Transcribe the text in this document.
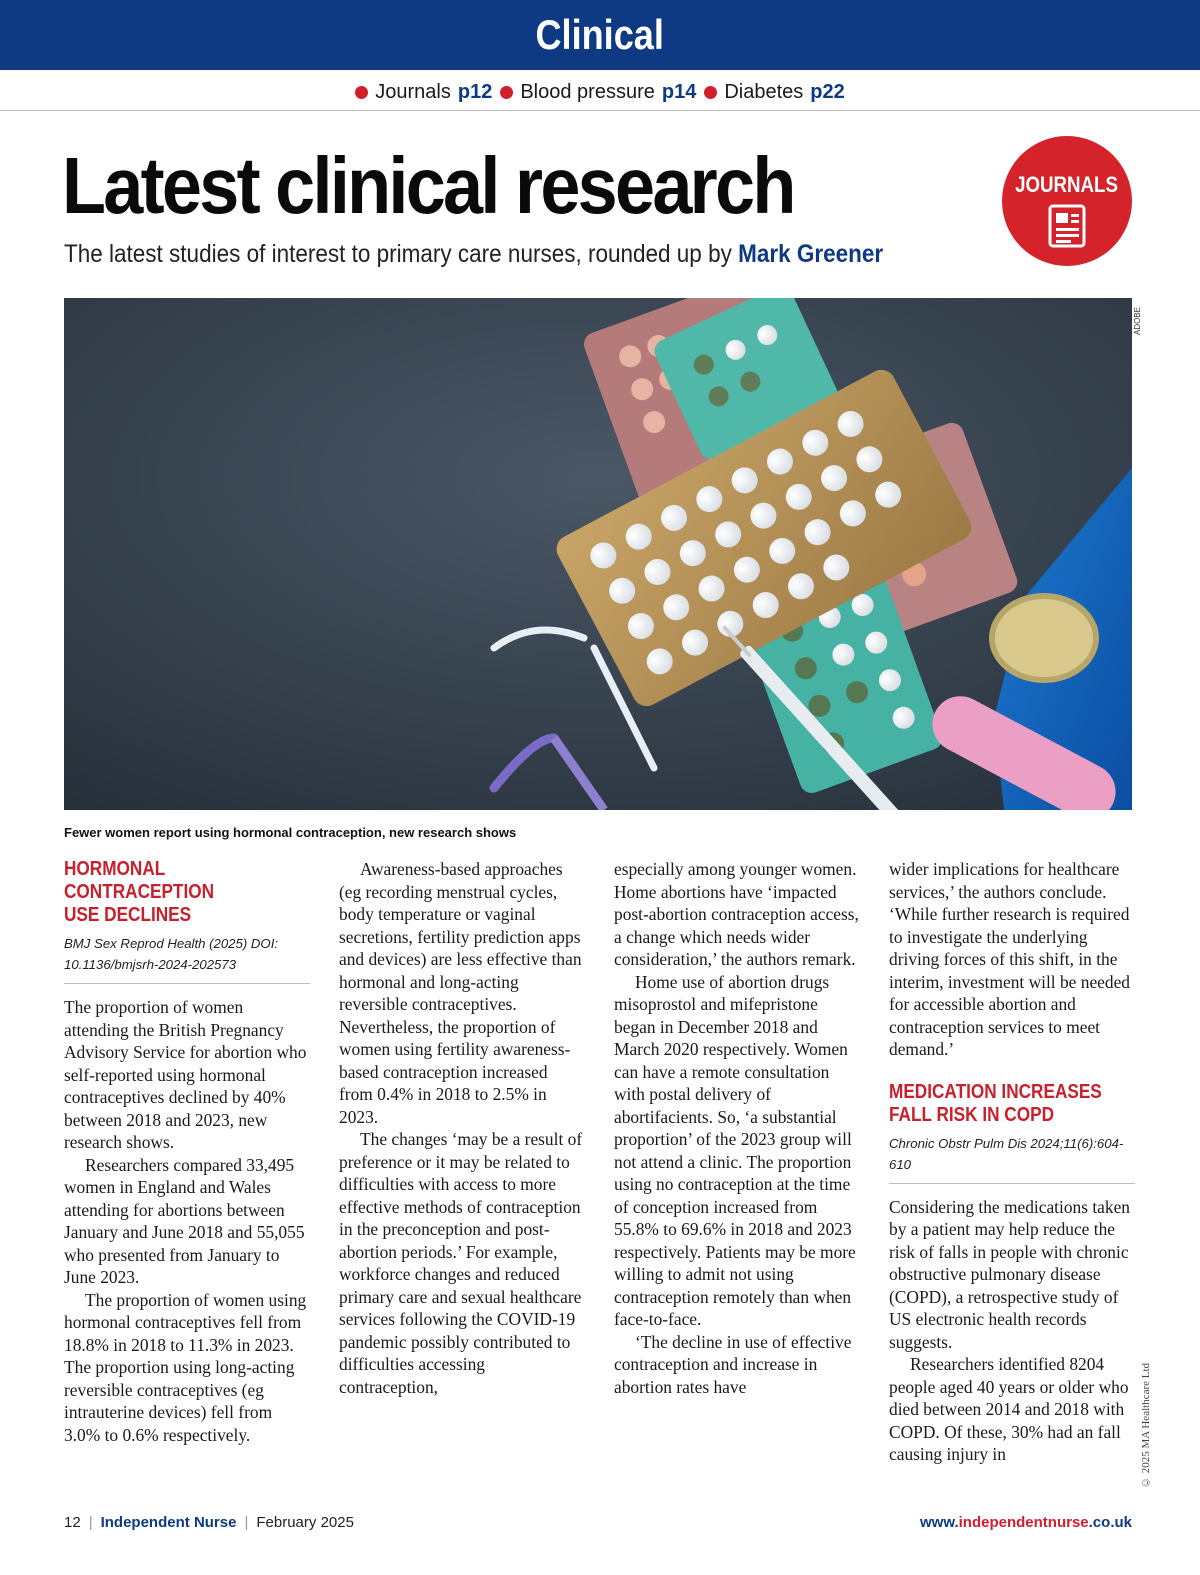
Clinical
Journals p12 Blood pressure p14 Diabetes p22
Latest clinical research
The latest studies of interest to primary care nurses, rounded up by Mark Greener
JOURNALS
ADOBE
Fewer women report using hormonal contraception, new research shows
HORMONAL CONTRACEPTION
USE DECLINES
BMJ Sex Reprod Health (2025) DOI:
10.1136/bmjsrh-2024-202573

The proportion of women attending the British Pregnancy Advisory Service for abortion who self-reported using hormonal contraceptives declined by 40% between 2018 and 2023, new research shows.

Researchers compared 33,495 women in England and Wales attending for abortions between January and June 2018 and 55,055 who presented from January to June 2023.

The proportion of women using hormonal contraceptives fell from 18.8% in 2018 to 11.3% in 2023. The proportion using long-acting reversible contraceptives (eg intrauterine devices) fell from 3.0% to 0.6% respectively.

Awareness-based approaches (eg recording menstrual cycles, body temperature or vaginal secretions, fertility prediction apps and devices) are less effective than hormonal and long-acting reversible contraceptives. Nevertheless, the proportion of women using fertility awareness-based contraception increased from 0.4% in 2018 to 2.5% in 2023.

The changes ‘may be a result of preference or it may be related to difficulties with access to more effective methods of contraception in the preconception and post-abortion periods.’ For example, workforce changes and reduced primary care and sexual healthcare services following the COVID-19 pandemic possibly contributed to difficulties accessing contraception,

especially among younger women. Home abortions have ‘impacted post-abortion contraception access, a change which needs wider consideration,’ the authors remark.

Home use of abortion drugs misoprostol and mifepristone began in December 2018 and March 2020 respectively. Women can have a remote consultation with postal delivery of abortifacients. So, ‘a substantial proportion’ of the 2023 group will not attend a clinic. The proportion using no contraception at the time of conception increased from 55.8% to 69.6% in 2018 and 2023 respectively. Patients may be more willing to admit not using contraception remotely than when face-to-face.

‘The decline in use of effective contraception and increase in abortion rates have

wider implications for healthcare services,’ the authors conclude. ‘While further research is required to investigate the underlying driving forces of this shift, in the interim, investment will be needed for accessible abortion and contraception services to meet demand.’

MEDICATION INCREASES
FALL RISK IN COPD
Chronic Obstr Pulm Dis 2024;11(6):604-610

Considering the medications taken by a patient may help reduce the risk of falls in people with chronic obstructive pulmonary disease (COPD), a retrospective study of US electronic health records suggests.

Researchers identified 8204 people aged 40 years or older who died between 2014 and 2018 with COPD. Of these, 30% had an fall causing injury in	© 2025 MA Healthcare Ltd
12 | Independent Nurse | February 2025	www.independentnurse.co.uk
